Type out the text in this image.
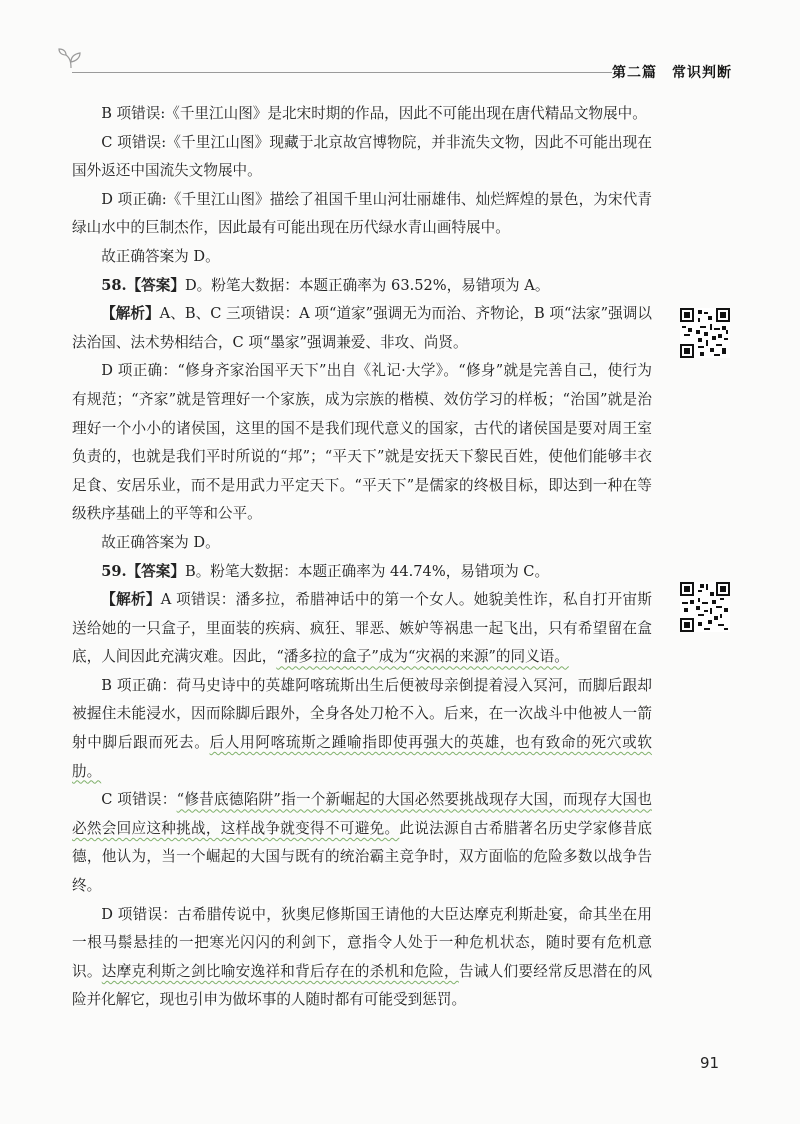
第二篇　常识判断

B 项错误:《千里江山图》是北宋时期的作品，因此不可能出现在唐代精品文物展中。

C 项错误:《千里江山图》现藏于北京故宫博物院，并非流失文物，因此不可能出现在国外返还中国流失文物展中。

D 项正确:《千里江山图》描绘了祖国千里山河壮丽雄伟、灿烂辉煌的景色，为宋代青绿山水中的巨制杰作，因此最有可能出现在历代绿水青山画特展中。

故正确答案为 D。

58.【答案】D。粉笔大数据：本题正确率为 63.52%，易错项为 A。

【解析】A、B、C 三项错误：A 项“道家”强调无为而治、齐物论，B 项“法家”强调以法治国、法术势相结合，C 项“墨家”强调兼爱、非攻、尚贤。

D 项正确：“修身齐家治国平天下”出自《礼记·大学》。“修身”就是完善自己，使行为有规范；“齐家”就是管理好一个家族，成为宗族的楷模、效仿学习的样板；“治国”就是治理好一个小小的诸侯国，这里的国不是我们现代意义的国家，古代的诸侯国是要对周王室负责的，也就是我们平时所说的“邦”；“平天下”就是安抚天下黎民百姓，使他们能够丰衣足食、安居乐业，而不是用武力平定天下。“平天下”是儒家的终极目标，即达到一种在等级秩序基础上的平等和公平。

故正确答案为 D。

59.【答案】B。粉笔大数据：本题正确率为 44.74%，易错项为 C。

【解析】A 项错误：潘多拉，希腊神话中的第一个女人。她貌美性诈，私自打开宙斯送给她的一只盒子，里面装的疾病、疯狂、罪恶、嫉妒等祸患一起飞出，只有希望留在盒底，人间因此充满灾难。因此，“潘多拉的盒子”成为“灾祸的来源”的同义语。

B 项正确：荷马史诗中的英雄阿喀琉斯出生后便被母亲倒提着浸入冥河，而脚后跟却被握住未能浸水，因而除脚后跟外，全身各处刀枪不入。后来，在一次战斗中他被人一箭射中脚后跟而死去。后人用阿喀琉斯之踵喻指即使再强大的英雄，也有致命的死穴或软肋。

C 项错误：“修昔底德陷阱”指一个新崛起的大国必然要挑战现存大国，而现存大国也必然会回应这种挑战，这样战争就变得不可避免。此说法源自古希腊著名历史学家修昔底德，他认为，当一个崛起的大国与既有的统治霸主竞争时，双方面临的危险多数以战争告终。

D 项错误：古希腊传说中，狄奥尼修斯国王请他的大臣达摩克利斯赴宴，命其坐在用一根马鬃悬挂的一把寒光闪闪的利剑下，意指令人处于一种危机状态，随时要有危机意识。达摩克利斯之剑比喻安逸祥和背后存在的杀机和危险，告诫人们要经常反思潜在的风险并化解它，现也引申为做坏事的人随时都有可能受到惩罚。

91
